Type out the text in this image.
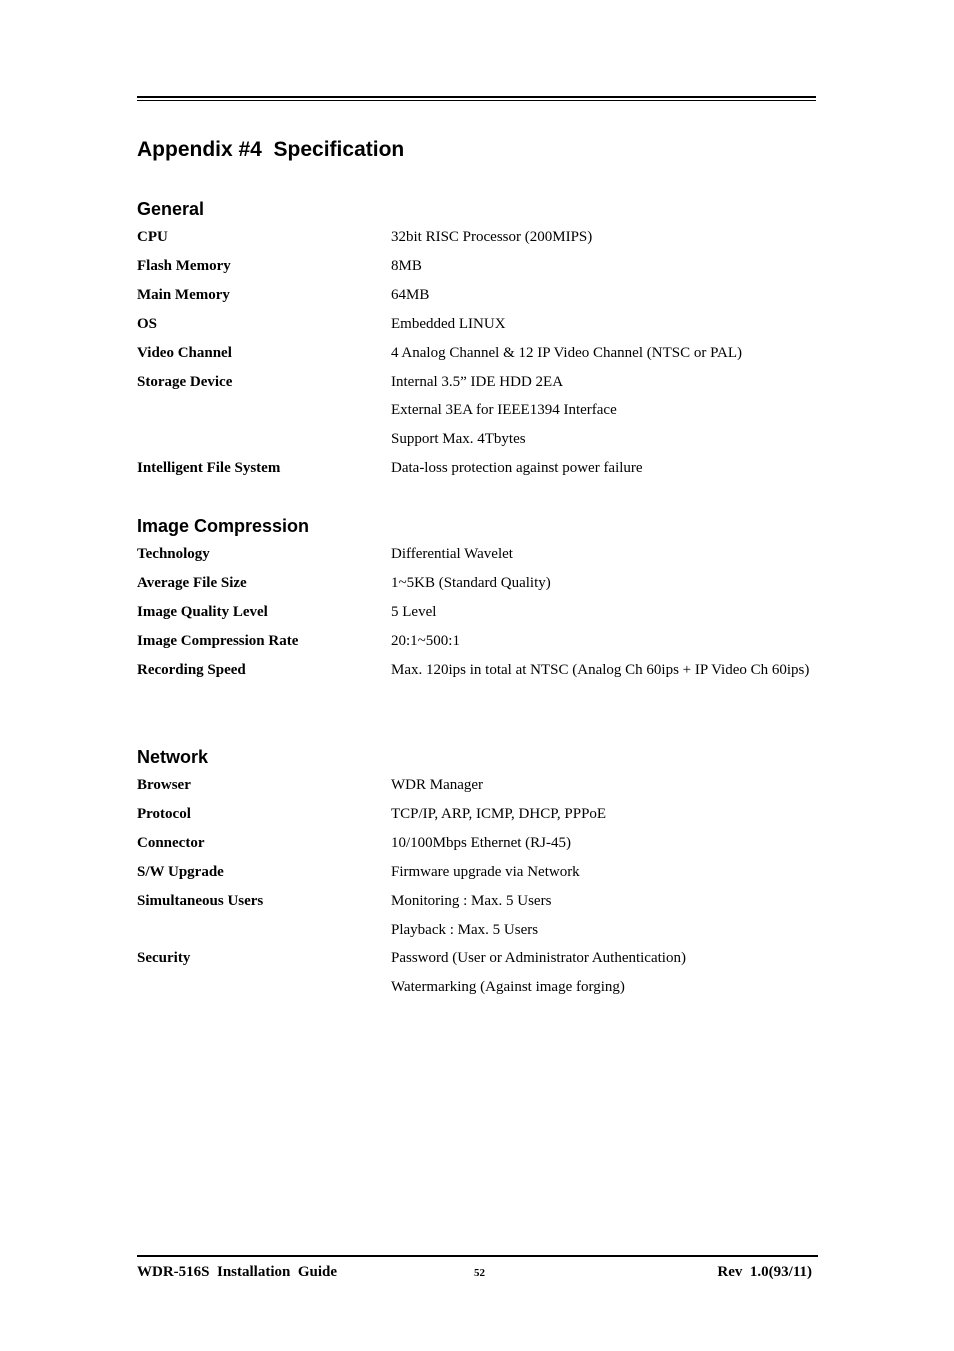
Appendix #4  Specification
General
CPU	32bit RISC Processor (200MIPS)
Flash Memory	8MB
Main Memory	64MB
OS	Embedded LINUX
Video Channel	4 Analog Channel & 12 IP Video Channel (NTSC or PAL)
Storage Device	Internal 3.5” IDE HDD 2EA
External 3EA for IEEE1394 Interface
Support Max. 4Tbytes
Intelligent File System	Data-loss protection against power failure
Image Compression
Technology	Differential Wavelet
Average File Size	1~5KB (Standard Quality)
Image Quality Level	5 Level
Image Compression Rate	20:1~500:1
Recording Speed	Max. 120ips in total at NTSC (Analog Ch 60ips + IP Video Ch 60ips)
Network
Browser	WDR Manager
Protocol	TCP/IP, ARP, ICMP, DHCP, PPPoE
Connector	10/100Mbps Ethernet (RJ-45)
S/W Upgrade	Firmware upgrade via Network
Simultaneous Users	Monitoring : Max. 5 Users
Playback : Max. 5 Users
Security	Password (User or Administrator Authentication)
Watermarking (Against image forging)
WDR-516S  Installation  Guide	52	Rev  1.0(93/11)
